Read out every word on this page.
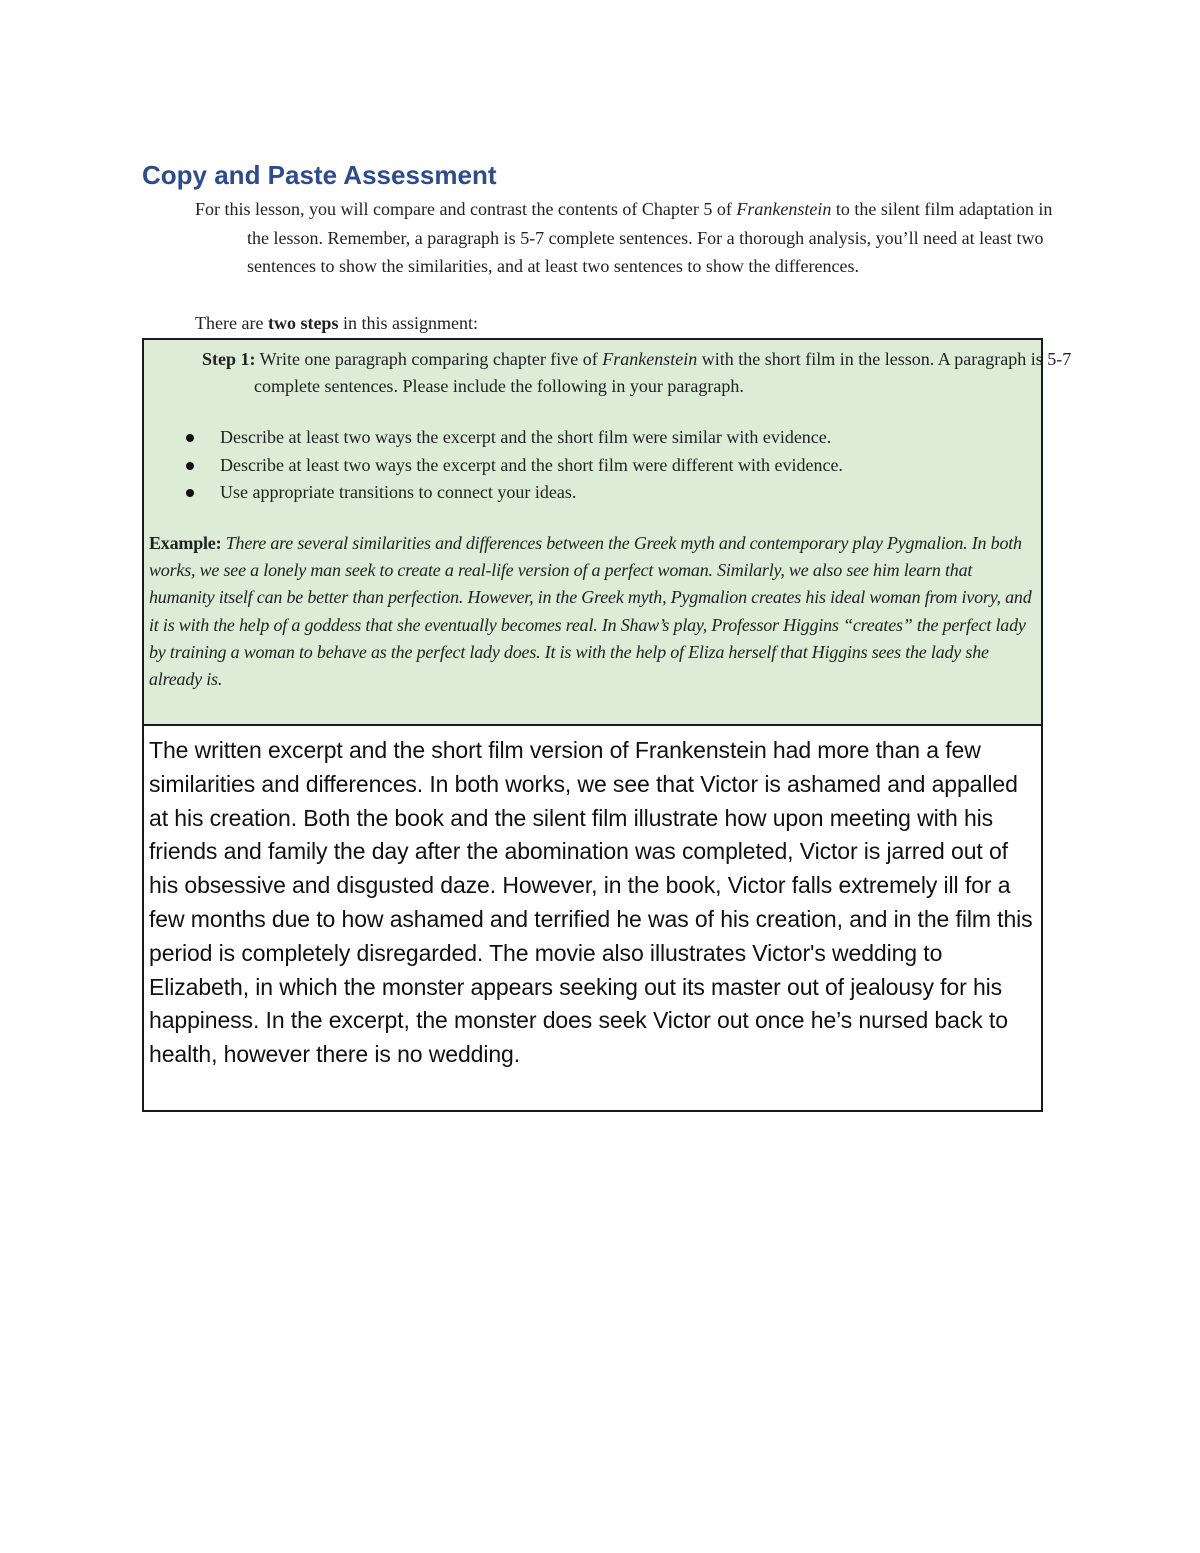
Copy and Paste Assessment

For this lesson, you will compare and contrast the contents of Chapter 5 of Frankenstein to the silent film adaptation in the lesson. Remember, a paragraph is 5-7 complete sentences. For a thorough analysis, you’ll need at least two sentences to show the similarities, and at least two sentences to show the differences.

There are two steps in this assignment:

Step 1: Write one paragraph comparing chapter five of Frankenstein with the short film in the lesson. A paragraph is 5-7 complete sentences. Please include the following in your paragraph.

Describe at least two ways the excerpt and the short film were similar with evidence.
Describe at least two ways the excerpt and the short film were different with evidence.
Use appropriate transitions to connect your ideas.

Example: There are several similarities and differences between the Greek myth and contemporary play Pygmalion. In both works, we see a lonely man seek to create a real-life version of a perfect woman. Similarly, we also see him learn that humanity itself can be better than perfection. However, in the Greek myth, Pygmalion creates his ideal woman from ivory, and it is with the help of a goddess that she eventually becomes real. In Shaw’s play, Professor Higgins “creates” the perfect lady by training a woman to behave as the perfect lady does. It is with the help of Eliza herself that Higgins sees the lady she already is.

The written excerpt and the short film version of Frankenstein had more than a few similarities and differences. In both works, we see that Victor is ashamed and appalled at his creation. Both the book and the silent film illustrate how upon meeting with his friends and family the day after the abomination was completed, Victor is jarred out of his obsessive and disgusted daze. However, in the book, Victor falls extremely ill for a few months due to how ashamed and terrified he was of his creation, and in the film this period is completely disregarded. The movie also illustrates Victor's wedding to Elizabeth, in which the monster appears seeking out its master out of jealousy for his happiness. In the excerpt, the monster does seek Victor out once he’s nursed back to health, however there is no wedding.
